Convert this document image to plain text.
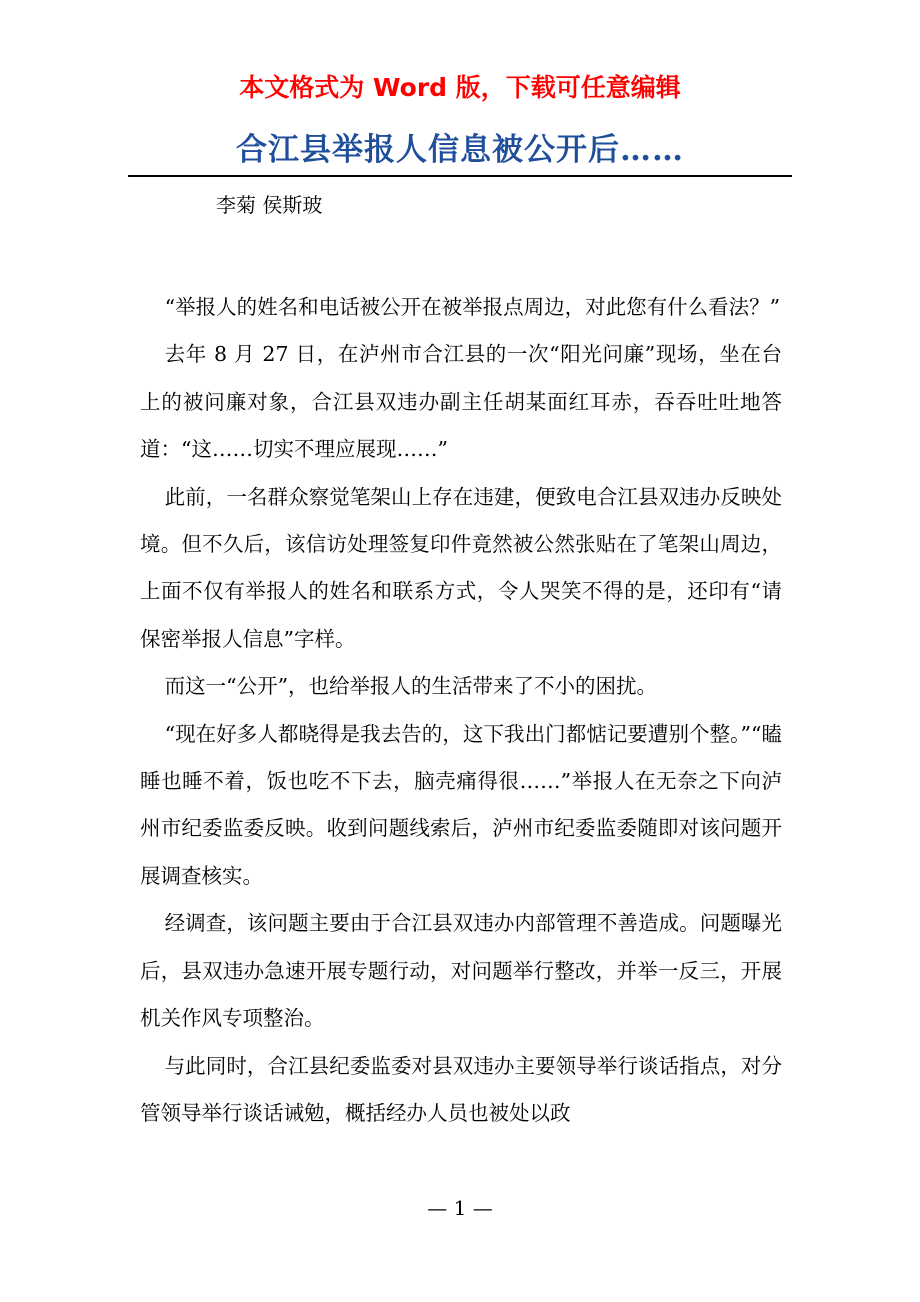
本文格式为 Word 版，下载可任意编辑
合江县举报人信息被公开后……
李菊 侯斯玻

“举报人的姓名和电话被公开在被举报点周边，对此您有什么看法？”

去年 8 月 27 日，在泸州市合江县的一次“阳光问廉”现场，坐在台上的被问廉对象，合江县双违办副主任胡某面红耳赤，吞吞吐吐地答道：“这……切实不理应展现……”

此前，一名群众察觉笔架山上存在违建，便致电合江县双违办反映处境。但不久后，该信访处理签复印件竟然被公然张贴在了笔架山周边，上面不仅有举报人的姓名和联系方式，令人哭笑不得的是，还印有“请保密举报人信息”字样。

而这一“公开”，也给举报人的生活带来了不小的困扰。

“现在好多人都晓得是我去告的，这下我出门都惦记要遭别个整。”“瞌睡也睡不着，饭也吃不下去，脑壳痛得很……”举报人在无奈之下向泸州市纪委监委反映。收到问题线索后，泸州市纪委监委随即对该问题开展调查核实。

经调查，该问题主要由于合江县双违办内部管理不善造成。问题曝光后，县双违办急速开展专题行动，对问题举行整改，并举一反三，开展机关作风专项整治。

与此同时，合江县纪委监委对县双违办主要领导举行谈话指点，对分管领导举行谈话诫勉，概括经办人员也被处以政

— 1 —
